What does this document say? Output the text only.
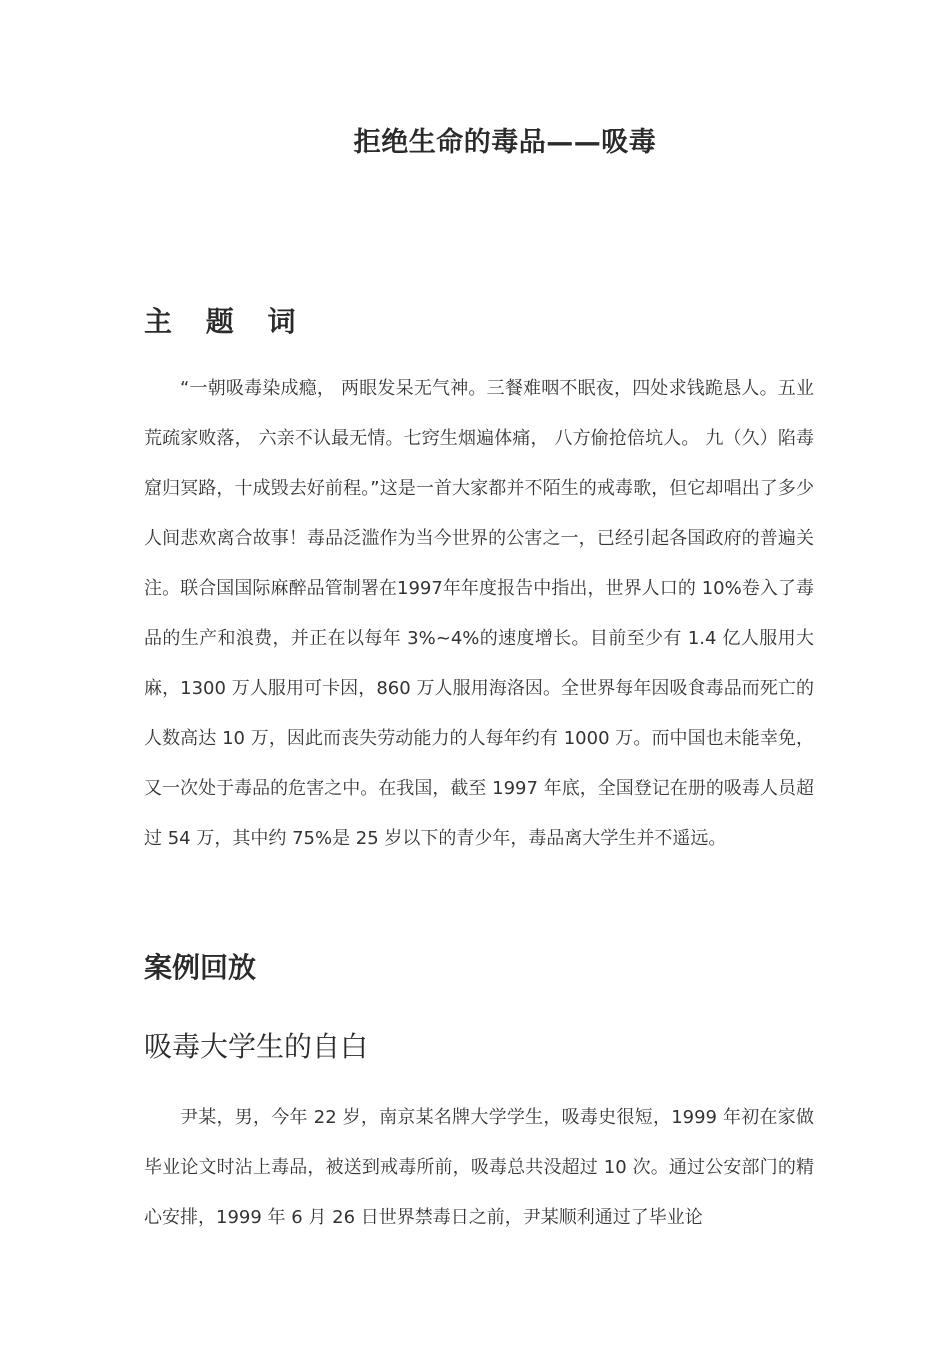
拒绝生命的毒品——吸毒
主 题 词

“一朝吸毒染成瘾， 两眼发呆无气神。三餐难咽不眠夜，四处求钱跪恳人。五业荒疏家败落， 六亲不认最无情。七窍生烟遍体痛， 八方偷抢倍坑人。 九（久）陷毒窟归冥路，十成毁去好前程。”这是一首大家都并不陌生的戒毒歌，但它却唱出了多少人间悲欢离合故事！毒品泛滥作为当今世界的公害之一，已经引起各国政府的普遍关注。联合国国际麻醉品管制署在1997年年度报告中指出，世界人口的 10%卷入了毒品的生产和浪费，并正在以每年 3%~4%的速度增长。目前至少有 1.4 亿人服用大麻，1300 万人服用可卡因，860 万人服用海洛因。全世界每年因吸食毒品而死亡的人数高达 10 万，因此而丧失劳动能力的人每年约有 1000 万。而中国也未能幸免，又一次处于毒品的危害之中。在我国，截至 1997 年底，全国登记在册的吸毒人员超过 54 万，其中约 75%是 25 岁以下的青少年，毒品离大学生并不遥远。

案例回放
吸毒大学生的自白

尹某，男，今年 22 岁，南京某名牌大学学生，吸毒史很短，1999 年初在家做毕业论文时沾上毒品，被送到戒毒所前，吸毒总共没超过 10 次。通过公安部门的精心安排，1999 年 6 月 26 日世界禁毒日之前，尹某顺利通过了毕业论
